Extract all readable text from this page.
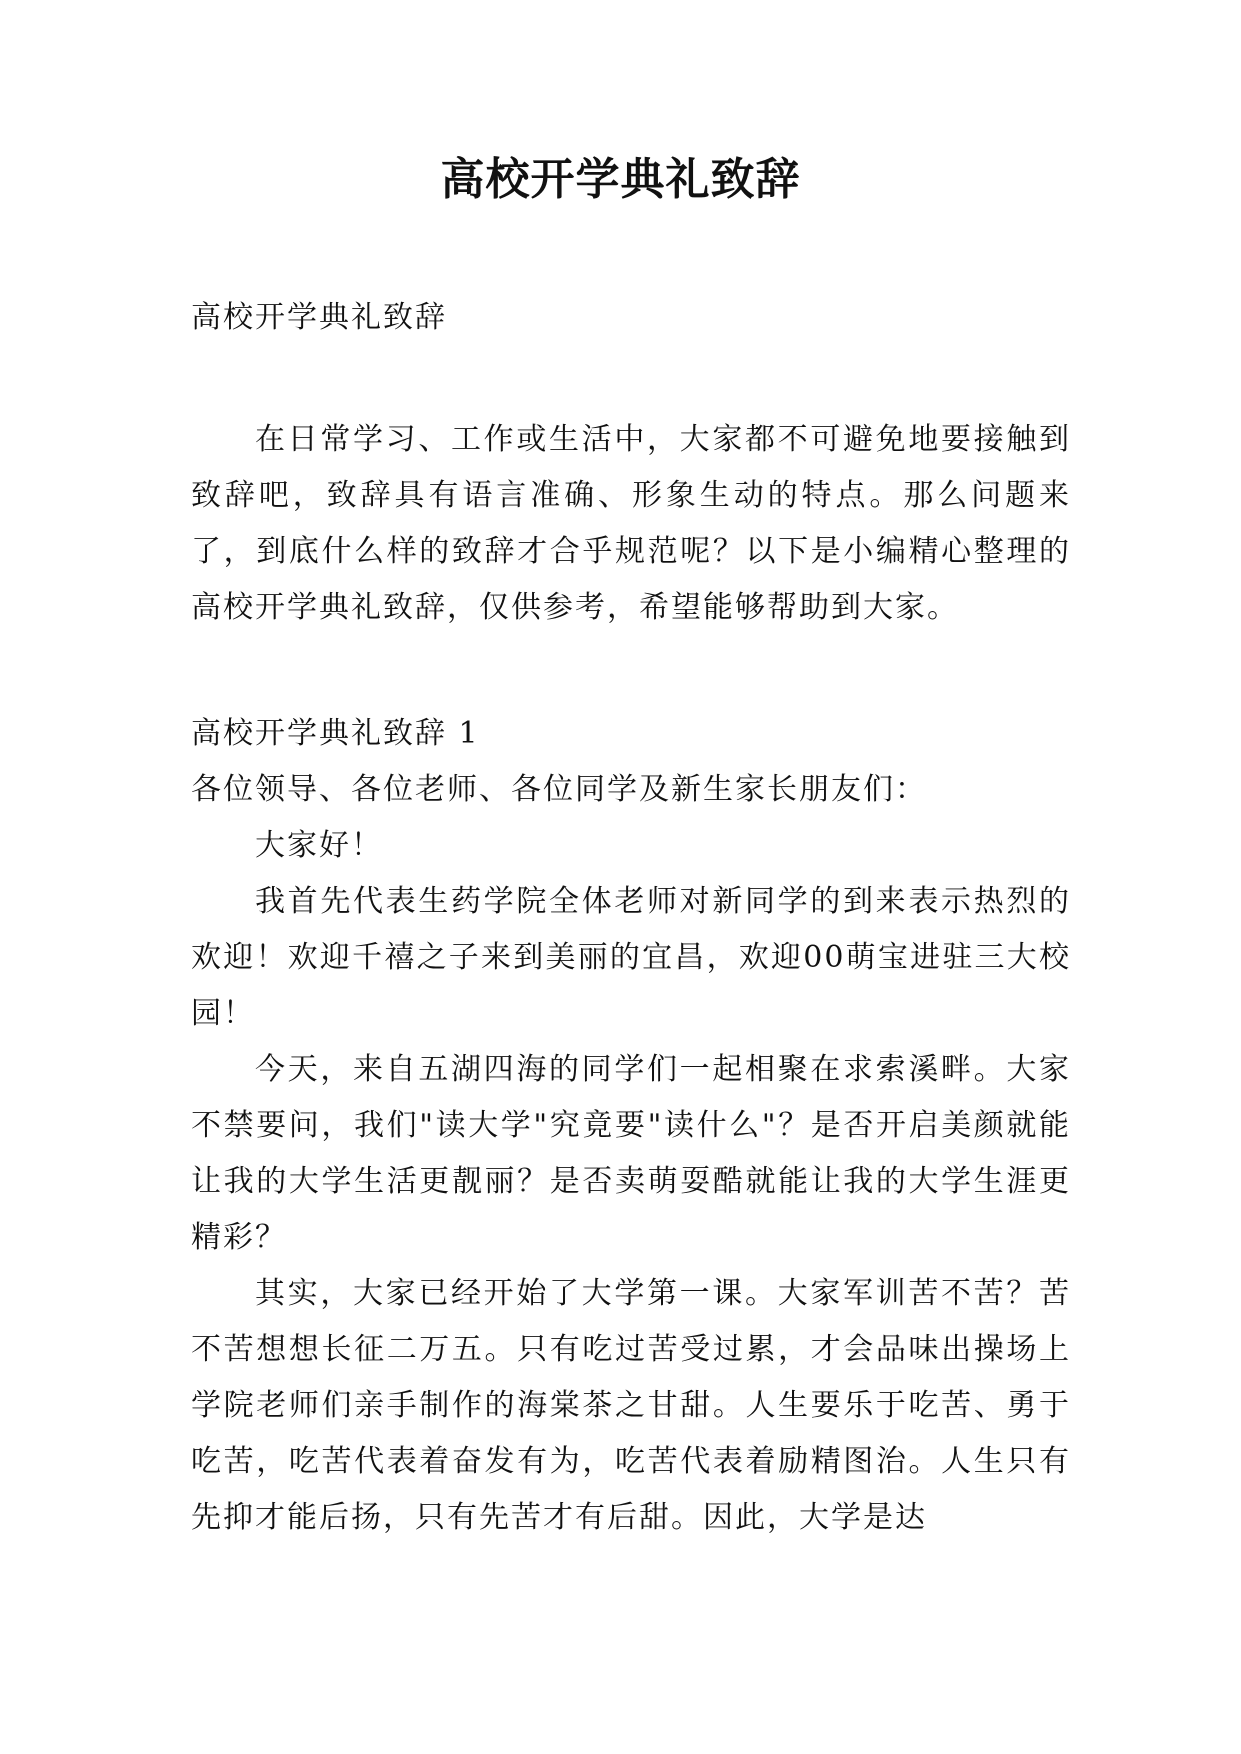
高校开学典礼致辞

高校开学典礼致辞

在日常学习、工作或生活中，大家都不可避免地要接触到致辞吧，致辞具有语言准确、形象生动的特点。那么问题来了，到底什么样的致辞才合乎规范呢？以下是小编精心整理的高校开学典礼致辞，仅供参考，希望能够帮助到大家。

高校开学典礼致辞 1

各位领导、各位老师、各位同学及新生家长朋友们：

大家好！

我首先代表生药学院全体老师对新同学的到来表示热烈的欢迎！欢迎千禧之子来到美丽的宜昌，欢迎00萌宝进驻三大校园！

今天，来自五湖四海的同学们一起相聚在求索溪畔。大家不禁要问，我们"读大学"究竟要"读什么"？是否开启美颜就能让我的大学生活更靓丽？是否卖萌耍酷就能让我的大学生涯更精彩？

其实，大家已经开始了大学第一课。大家军训苦不苦？苦不苦想想长征二万五。只有吃过苦受过累，才会品味出操场上学院老师们亲手制作的海棠茶之甘甜。人生要乐于吃苦、勇于吃苦，吃苦代表着奋发有为，吃苦代表着励精图治。人生只有先抑才能后扬，只有先苦才有后甜。因此，大学是达
